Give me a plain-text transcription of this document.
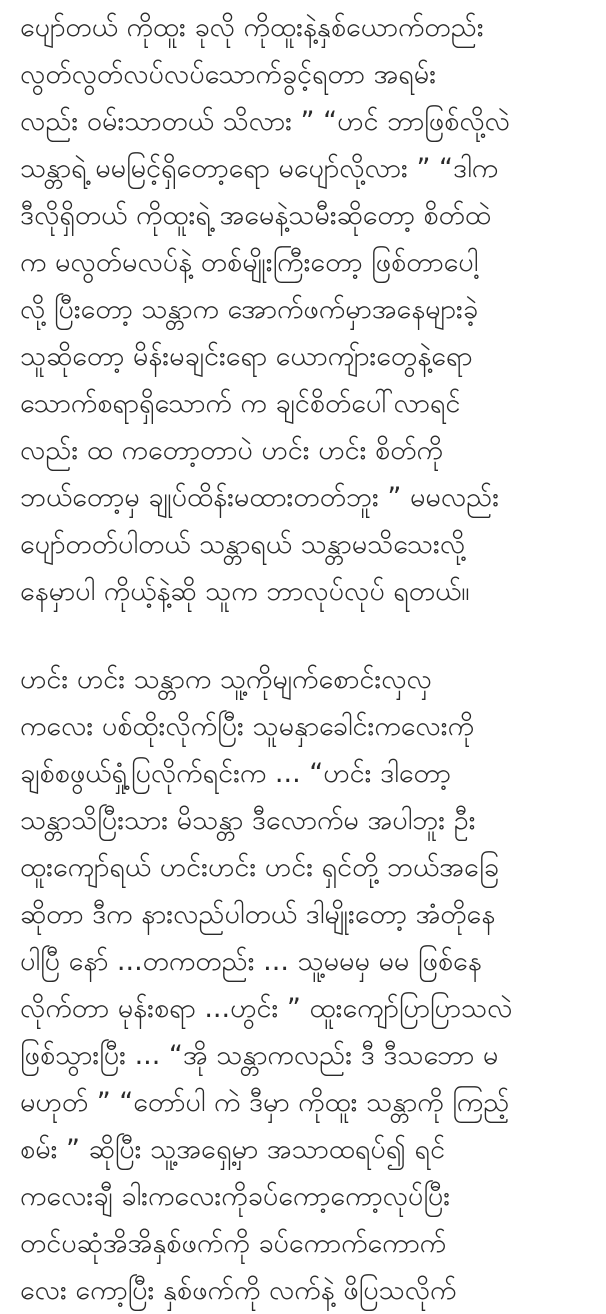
ပျော်တယ် ကိုထူး ခုလို ကိုထူးနဲ့နှစ်ယောက်တည်း
လွတ်လွတ်လပ်လပ်သောက်ခွင့်ရတာ အရမ်း
လည်း ဝမ်းသာတယ် သိလား ” “ဟင် ဘာဖြစ်လို့လဲ
သန္တာရဲ့ မမမြင့်ရှိတော့ရော မပျော်လို့လား ” “ဒါက
ဒီလိုရှိတယ် ကိုထူးရဲ့ အမေနဲ့သမီးဆိုတော့ စိတ်ထဲ
က မလွတ်မလပ်နဲ့ တစ်မျိုးကြီးတော့ ဖြစ်တာပေါ့
လို့ ပြီးတော့ သန္တာက အောက်ဖက်မှာအနေများခဲ့
သူဆိုတော့ မိန်းမချင်းရော ယောကျ်ားတွေနဲ့ရော
သောက်စရာရှိသောက် က ချင်စိတ်ပေါ်လာရင်
လည်း ထ ကတော့တာပဲ ဟင်း ဟင်း စိတ်ကို
ဘယ်တော့မှ ချုပ်ထိန်းမထားတတ်ဘူး ” မမလည်း
ပျော်တတ်ပါတယ် သန္တာရယ် သန္တာမသိသေးလို့
နေမှာပါ ကိုယ့်နဲ့ဆို သူက ဘာလုပ်လုပ် ရတယ်။
ဟင်း ဟင်း သန္တာက သူ့ကိုမျက်စောင်းလှလှ
ကလေး ပစ်ထိုးလိုက်ပြီး သူမနှာခေါင်းကလေးကို
ချစ်စဖွယ်ရှုံ့ပြလိုက်ရင်းက ... “ဟင်း ဒါတော့
သန္တာသိပြီးသား မိသန္တာ ဒီလောက်မ အပါဘူး ဦး
ထူးကျော်ရယ် ဟင်းဟင်း ဟင်း ရှင်တို့ ဘယ်အခြေ
ဆိုတာ ဒီက နားလည်ပါတယ် ဒါမျိုးတော့ အံတိုနေ
ပါပြီ နော် ...တကတည်း ... သူ့မမမှ မမ ဖြစ်နေ
လိုက်တာ မုန်းစရာ ...ဟွင်း ” ထူးကျော်ပြာပြာသလဲ
ဖြစ်သွားပြီး ... “အို သန္တာကလည်း ဒီ ဒီသဘော မ
မဟုတ် ” “တော်ပါ ကဲ ဒီမှာ ကိုထူး သန္တာကို ကြည့်
စမ်း ” ဆိုပြီး သူ့အရှေ့မှာ အသာထရပ်၍ ရင်
ကလေးချီ ခါးကလေးကိုခပ်ကော့ကော့လုပ်ပြီး
တင်ပဆုံအိအိနှစ်ဖက်ကို ခပ်ကောက်ကောက်
လေး ကော့ပြီး နှစ်ဖက်ကို လက်နဲ့ ဖိပြသလိုက်
